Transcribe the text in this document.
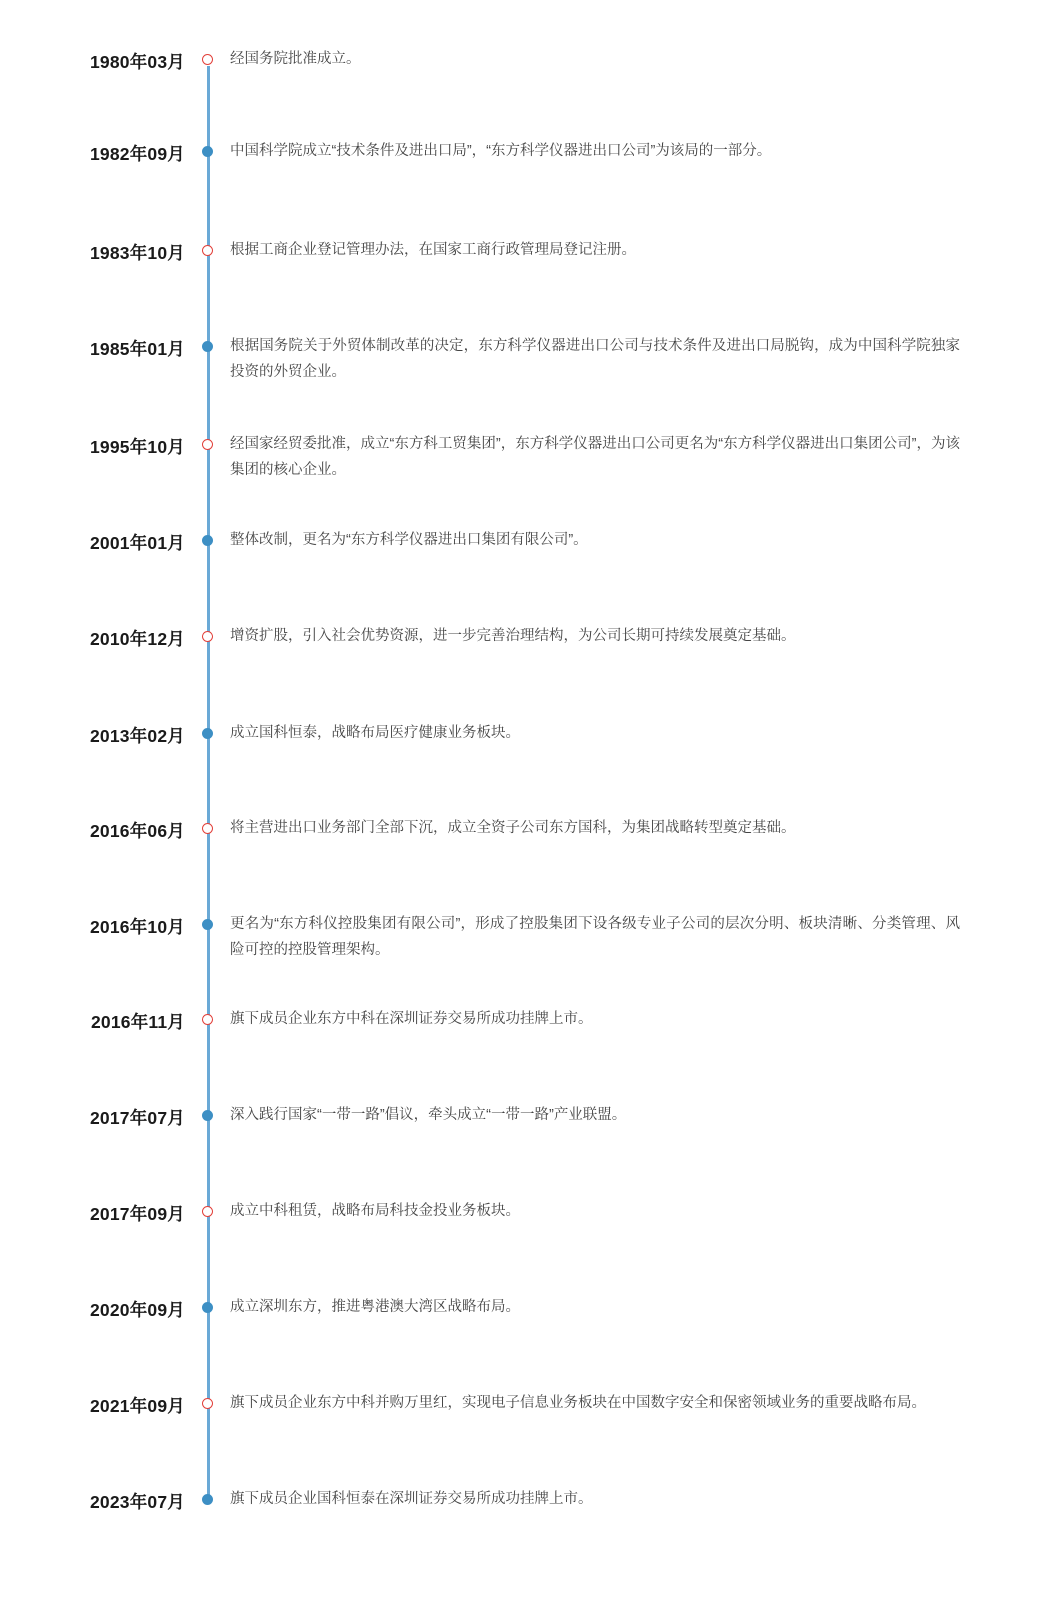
1980年03月	经国务院批准成立。
1982年09月	中国科学院成立“技术条件及进出口局”，“东方科学仪器进出口公司”为该局的一部分。
1983年10月	根据工商企业登记管理办法，在国家工商行政管理局登记注册。
1985年01月	根据国务院关于外贸体制改革的决定，东方科学仪器进出口公司与技术条件及进出口局脱钩，成为中国科学院独家投资的外贸企业。
1995年10月	经国家经贸委批准，成立“东方科工贸集团”，东方科学仪器进出口公司更名为“东方科学仪器进出口集团公司”，为该集团的核心企业。
2001年01月	整体改制，更名为“东方科学仪器进出口集团有限公司”。
2010年12月	增资扩股，引入社会优势资源，进一步完善治理结构，为公司长期可持续发展奠定基础。
2013年02月	成立国科恒泰，战略布局医疗健康业务板块。
2016年06月	将主营进出口业务部门全部下沉，成立全资子公司东方国科，为集团战略转型奠定基础。
2016年10月	更名为“东方科仪控股集团有限公司”，形成了控股集团下设各级专业子公司的层次分明、板块清晰、分类管理、风险可控的控股管理架构。
2016年11月	旗下成员企业东方中科在深圳证券交易所成功挂牌上市。
2017年07月	深入践行国家“一带一路”倡议，牵头成立“一带一路”产业联盟。
2017年09月	成立中科租赁，战略布局科技金投业务板块。
2020年09月	成立深圳东方，推进粤港澳大湾区战略布局。
2021年09月	旗下成员企业东方中科并购万里红，实现电子信息业务板块在中国数字安全和保密领域业务的重要战略布局。
2023年07月	旗下成员企业国科恒泰在深圳证券交易所成功挂牌上市。
